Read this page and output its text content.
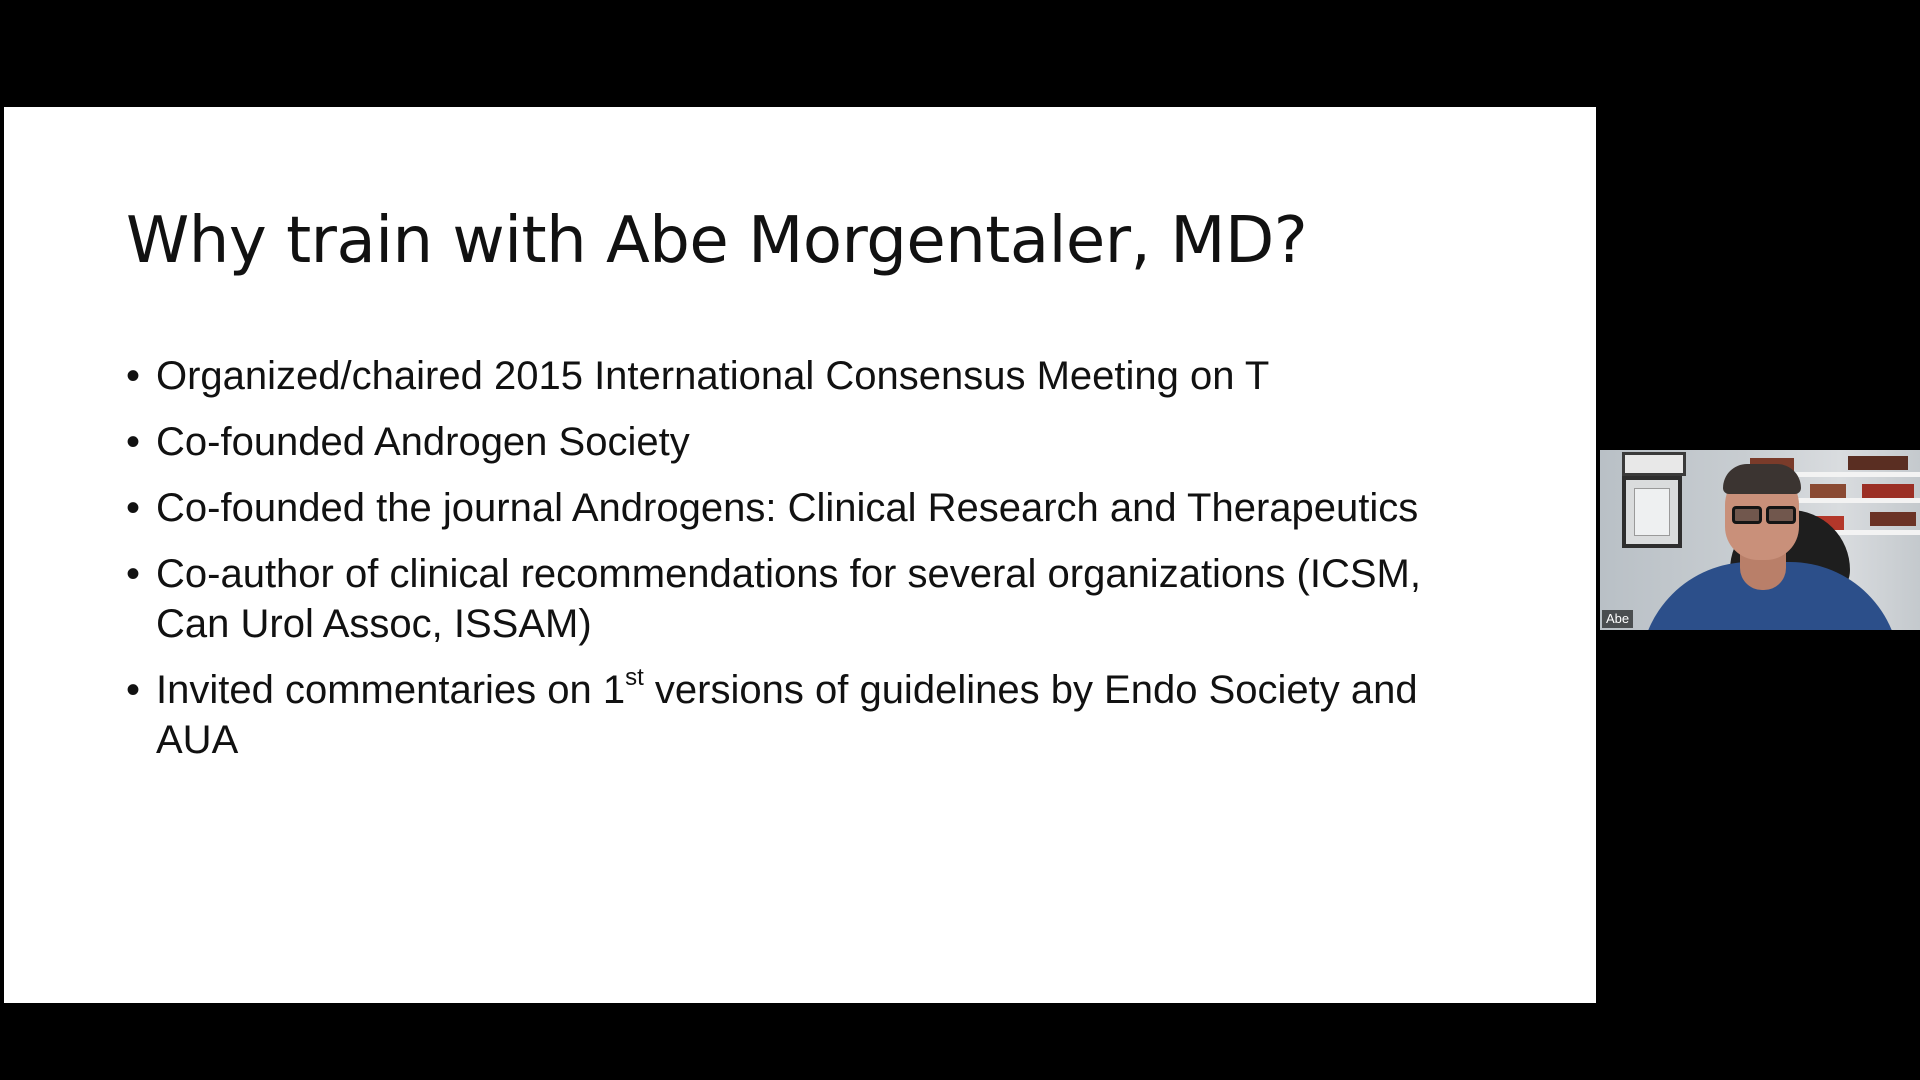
Why train with Abe Morgentaler, MD?
• Organized/chaired 2015 International Consensus Meeting on T
• Co-founded Androgen Society
• Co-founded the journal Androgens: Clinical Research and Therapeutics
• Co-author of clinical recommendations for several organizations (ICSM, Can Urol Assoc, ISSAM)
• Invited commentaries on 1st versions of guidelines by Endo Society and AUA
Abe
